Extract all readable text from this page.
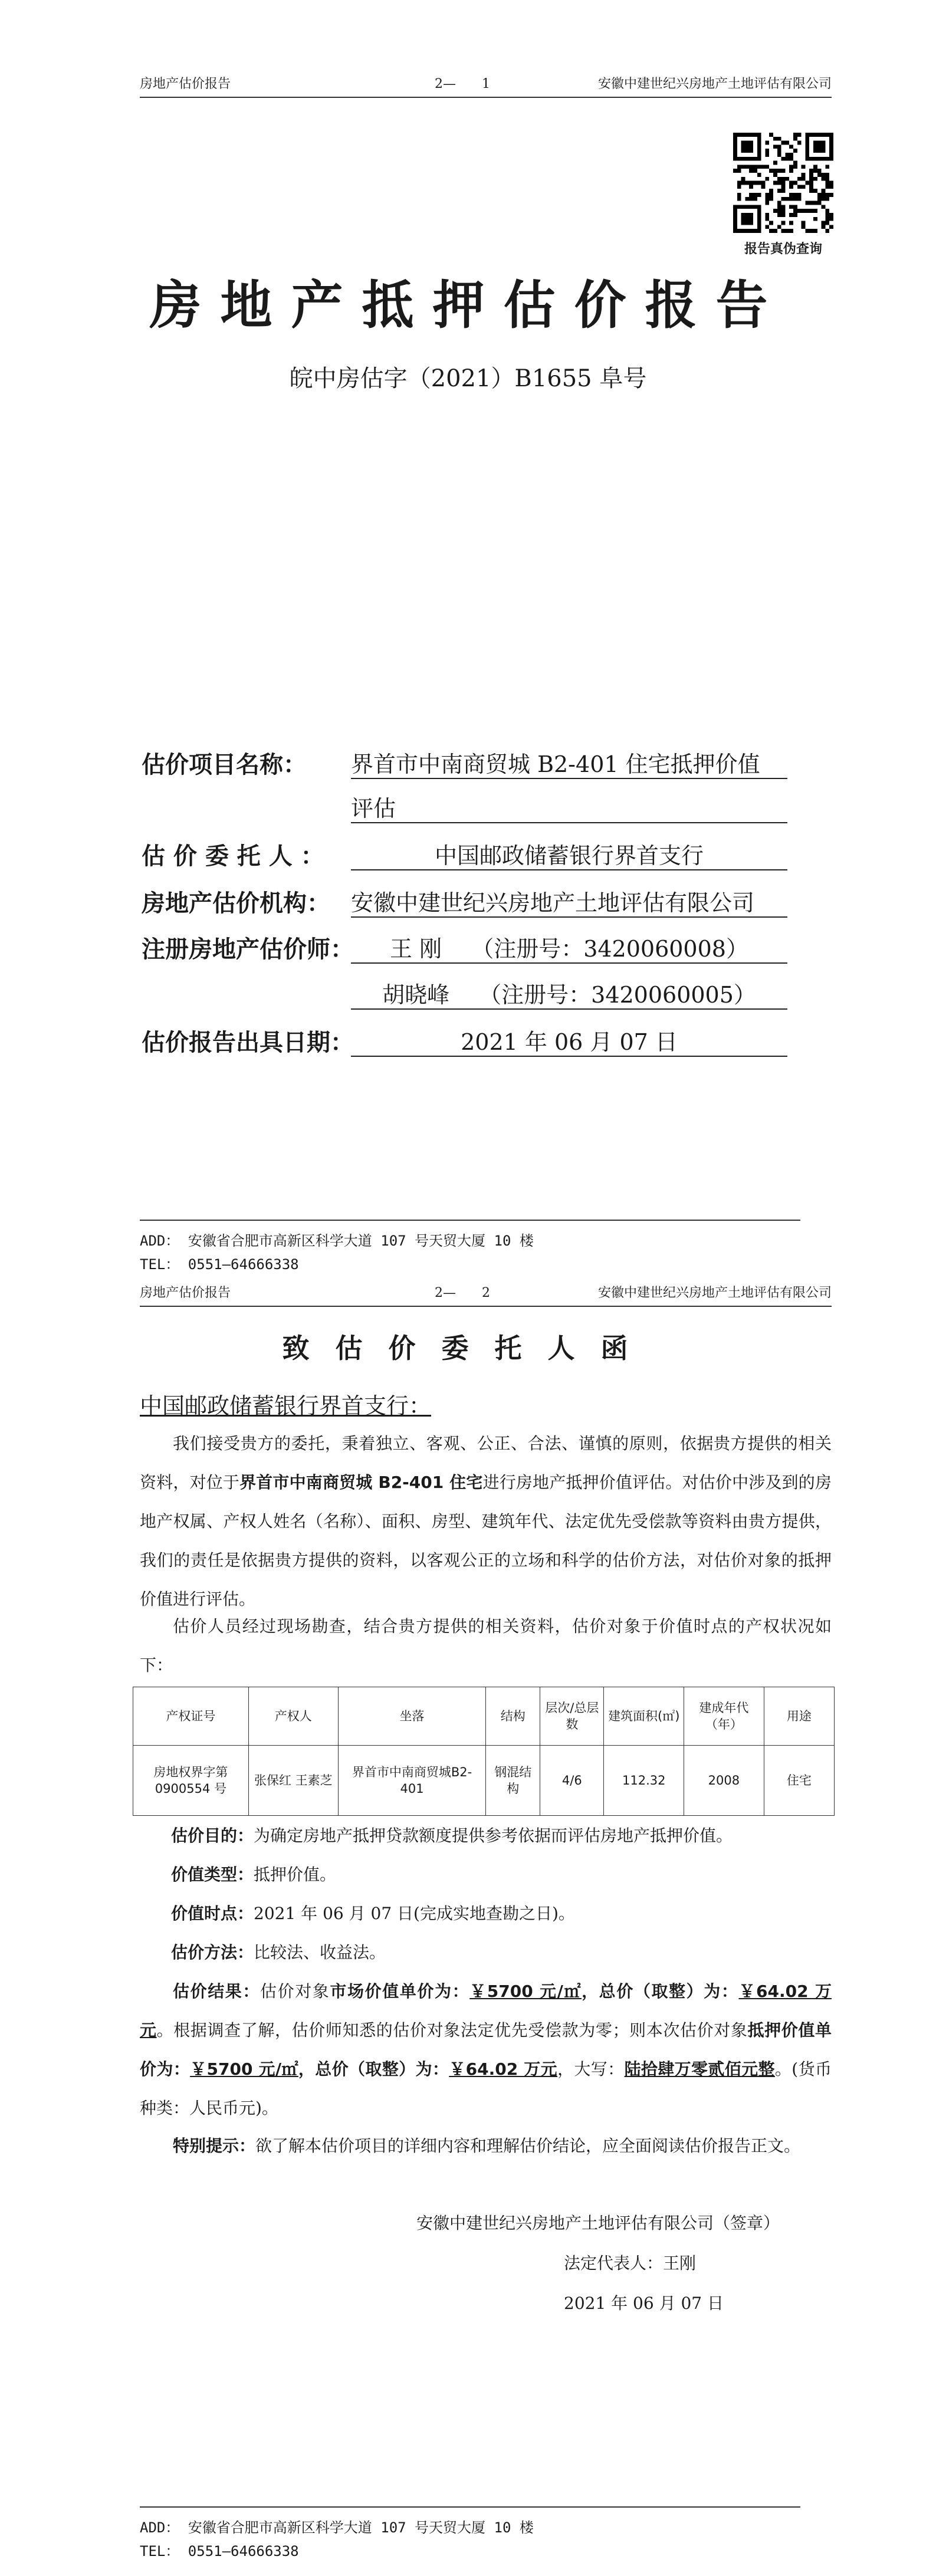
房地产估价报告	2—　　1	安徽中建世纪兴房地产土地评估有限公司
报告真伪查询
房地产抵押估价报告
皖中房估字（2021）B1655 阜号
估价项目名称：	界首市中南商贸城 B2-401 住宅抵押价值
评估
估 价 委 托 人 ：	中国邮政储蓄银行界首支行
房地产估价机构： 安徽中建世纪兴房地产土地评估有限公司
注册房地产估价师：	王 刚　 （注册号：3420060008）
胡晓峰　 （注册号：3420060005）
估价报告出具日期：	2021 年 06 月 07 日
ADD： 安徽省合肥市高新区科学大道 107 号天贸大厦 10 楼
TEL： 0551—64666338
房地产估价报告	2—　　2	安徽中建世纪兴房地产土地评估有限公司
致估价委托人函
中国邮政储蓄银行界首支行：
我们接受贵方的委托，秉着独立、客观、公正、合法、谨慎的原则，依据贵方提供的相关资料，对位于界首市中南商贸城 B2-401 住宅进行房地产抵押价值评估。对估价中涉及到的房地产权属、产权人姓名（名称）、面积、房型、建筑年代、法定优先受偿款等资料由贵方提供，我们的责任是依据贵方提供的资料，以客观公正的立场和科学的估价方法，对估价对象的抵押价值进行评估。
估价人员经过现场勘查，结合贵方提供的相关资料，估价对象于价值时点的产权状况如下：
产权证号	产权人	坐落	结构	层次/总层数	建筑面积(㎡)	建成年代（年）	用途
房地权界字第0900554 号	张保红 王素芝	界首市中南商贸城B2-401	钢混结构	4/6	112.32	2008	住宅
估价目的：为确定房地产抵押贷款额度提供参考依据而评估房地产抵押价值。
价值类型：抵押价值。
价值时点：2021 年 06 月 07 日(完成实地查勘之日)。
估价方法：比较法、收益法。
估价结果：估价对象市场价值单价为：￥5700 元/㎡，总价（取整）为：￥64.02 万元。根据调查了解，估价师知悉的估价对象法定优先受偿款为零；则本次估价对象抵押价值单价为：￥5700 元/㎡，总价（取整）为：￥64.02 万元，大写：陆拾肆万零贰佰元整。(货币种类：人民币元)。
特别提示：欲了解本估价项目的详细内容和理解估价结论，应全面阅读估价报告正文。
安徽中建世纪兴房地产土地评估有限公司（签章）
法定代表人：王刚
2021 年 06 月 07 日
ADD： 安徽省合肥市高新区科学大道 107 号天贸大厦 10 楼
TEL： 0551—64666338
